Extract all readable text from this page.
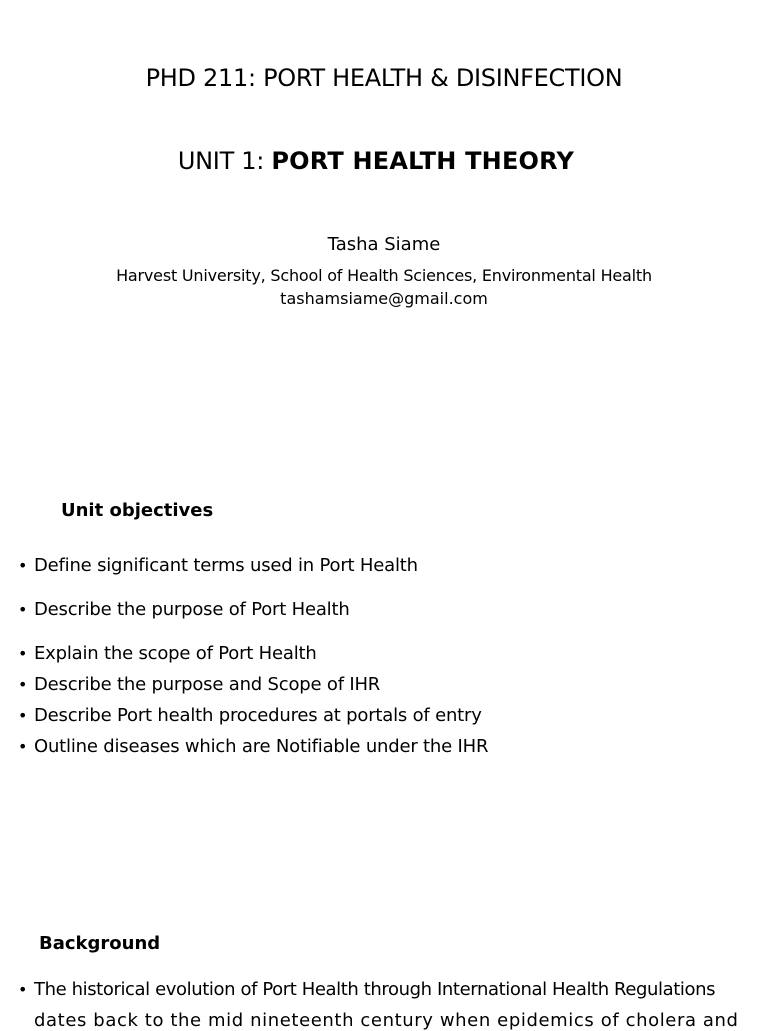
PHD 211: PORT HEALTH & DISINFECTION
UNIT 1: PORT HEALTH THEORY
Tasha Siame
Harvest University, School of Health Sciences, Environmental Health
tashamsiame@gmail.com
Unit objectives
• Define significant terms used in Port Health
• Describe the purpose of Port Health
• Explain the scope of Port Health
• Describe the purpose and Scope of IHR
• Describe Port health procedures at portals of entry
• Outline diseases which are Notifiable under the IHR
Background
• The historical evolution of Port Health through International Health Regulations
dates back to the mid nineteenth century when epidemics of cholera and
